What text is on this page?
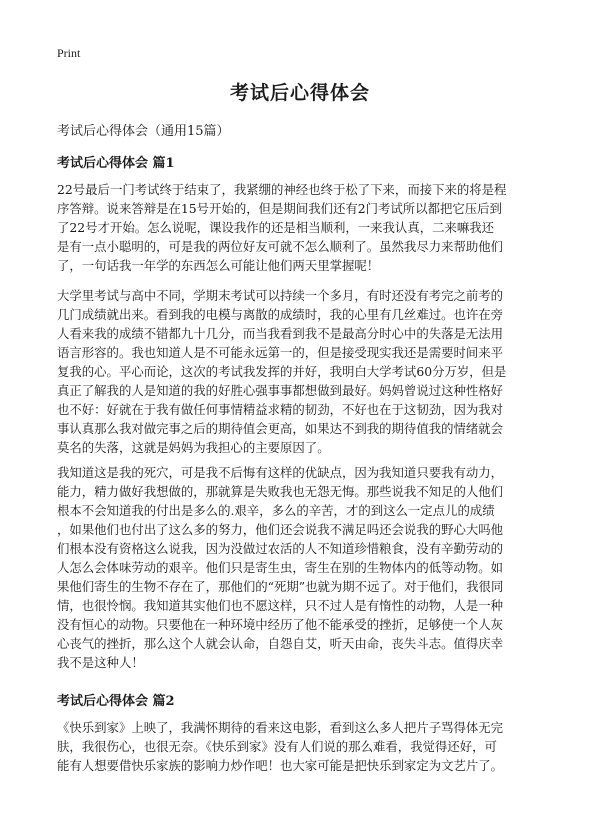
Print
考试后心得体会
考试后心得体会（通用15篇）
考试后心得体会 篇1

22号最后一门考试终于结束了，我紧绷的神经也终于松了下来，而接下来的将是程
序答辩。说来答辩是在15号开始的，但是期间我们还有2门考试所以都把它压后到
了22号才开始。怎么说呢，课设我作的还是相当顺利，一来我认真，二来嘛我还
是有一点小聪明的，可是我的两位好友可就不怎么顺利了。虽然我尽力来帮助他们
了，一句话我一年学的东西怎么可能让他们两天里掌握呢！

大学里考试与高中不同，学期末考试可以持续一个多月，有时还没有考完之前考的
几门成绩就出来。看到我的电模与离散的成绩时，我的心里有几丝难过。也许在旁
人看来我的成绩不错都九十几分，而当我看到我不是最高分时心中的失落是无法用
语言形容的。我也知道人是不可能永远第一的，但是接受现实我还是需要时间来平
复我的心。平心而论，这次的考试我发挥的并好，我明白大学考试60分万岁，但是
真正了解我的人是知道的我的好胜心强事事都想做到最好。妈妈曾说过这种性格好
也不好：好就在于我有做任何事情精益求精的韧劲，不好也在于这韧劲，因为我对
事认真那么我对做完事之后的期待值会更高，如果达不到我的期待值我的情绪就会
莫名的失落，这就是妈妈为我担心的主要原因了。

我知道这是我的死穴，可是我不后悔有这样的优缺点，因为我知道只要我有动力，
能力，精力做好我想做的，那就算是失败我也无怨无悔。那些说我不知足的人他们
根本不会知道我的付出是多么的.艰辛，多么的辛苦，才的到这么一定点儿的成绩
，如果他们也付出了这么多的努力，他们还会说我不满足吗还会说我的野心大吗他
们根本没有资格这么说我，因为没做过农活的人不知道珍惜粮食，没有辛勤劳动的
人怎么会体味劳动的艰辛。他们只是寄生虫，寄生在别的生物体内的低等动物。如
果他们寄生的生物不存在了，那他们的“死期”也就为期不远了。对于他们，我很同
情，也很怜悯。我知道其实他们也不愿这样，只不过人是有惰性的动物，人是一种
没有恒心的动物。只要他在一种环境中经历了他不能承受的挫折，足够使一个人灰
心丧气的挫折，那么这个人就会认命，自怨自艾，听天由命，丧失斗志。值得庆幸
我不是这种人！

考试后心得体会 篇2

《快乐到家》上映了，我满怀期待的看来这电影，看到这么多人把片子骂得体无完
肤，我很伤心，也很无奈。《快乐到家》没有人们说的那么难看，我觉得还好，可
能有人想要借快乐家族的影响力炒作吧！也大家可能是把快乐到家定为文艺片了。
